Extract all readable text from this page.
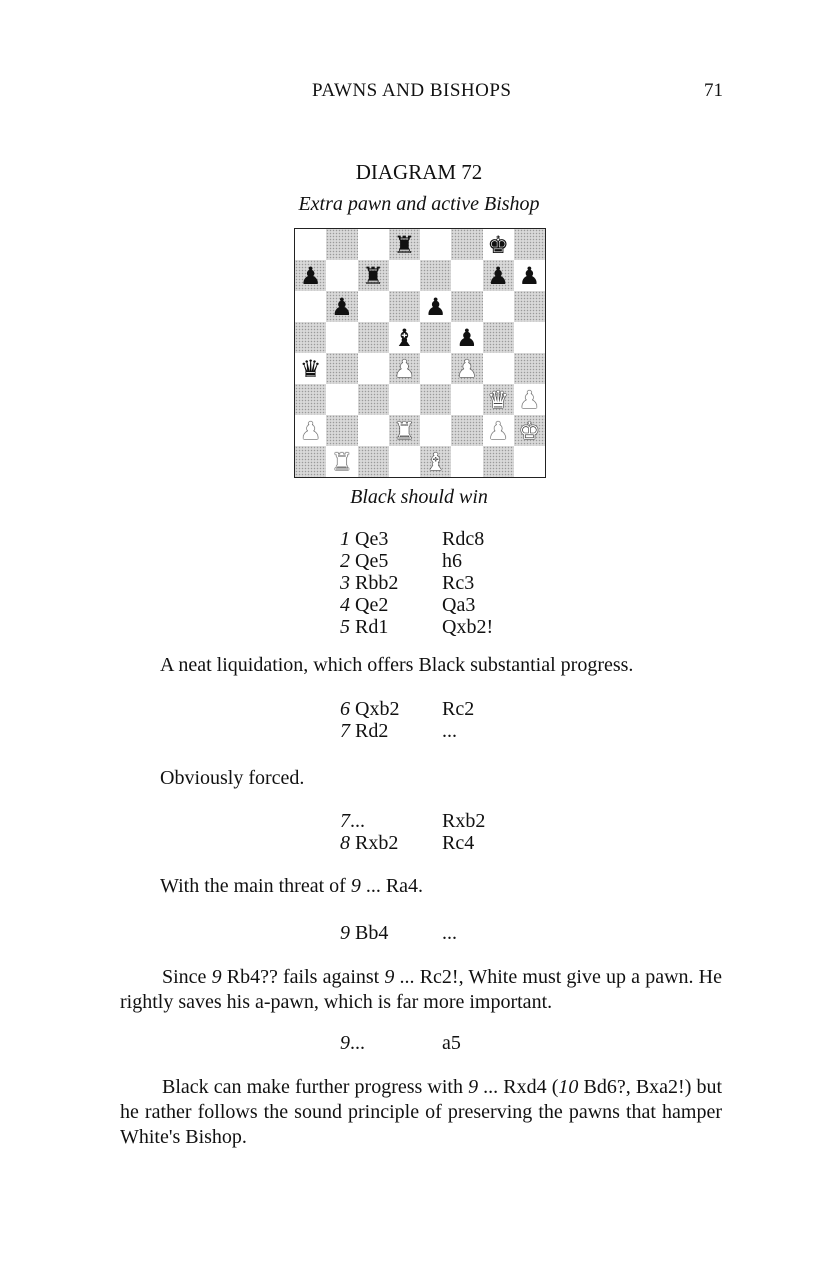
PAWNS AND BISHOPS	71
DIAGRAM 72
Extra pawn and active Bishop
♜	♚
♟ ♜	♟ ♟
♟	♟
♝ ♟
♛	♟ ♟
♛ ♟
♟	♜	♟ ♚
♜	♝
Black should win
1 Qe3	Rdc8
2 Qe5	h6
3 Rbb2 Rc3
4 Qe2	Qa3
5 Rd1	Qxb2!
A neat liquidation, which offers Black substantial progress.
6 Qxb2 Rc2
7 Rd2	...
Obviously forced.
7...	Rxb2
8 Rxb2 Rc4
With the main threat of 9 ... Ra4.
9 Bb4	...
Since 9 Rb4?? fails against 9 ... Rc2!, White must give up a pawn. He rightly saves his a-pawn, which is far more important.
9...	a5
Black can make further progress with 9 ... Rxd4 (10 Bd6?, Bxa2!) but he rather follows the sound principle of preserving the pawns that hamper White's Bishop.
